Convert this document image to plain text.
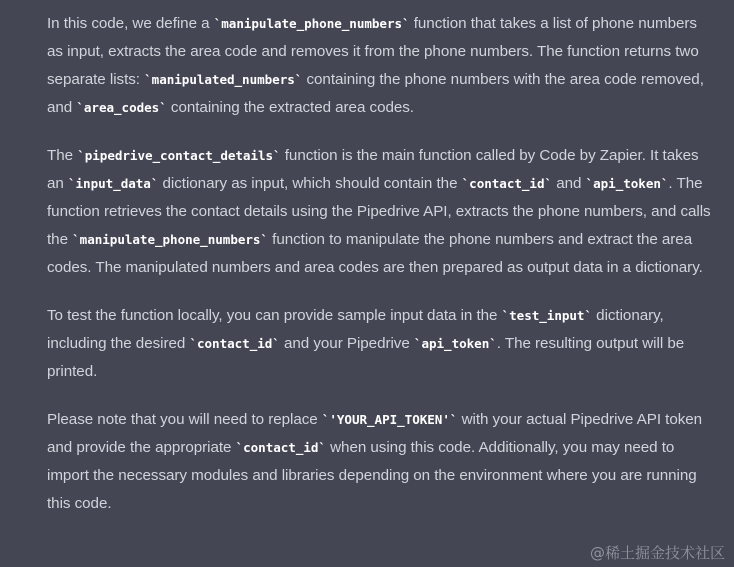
In this code, we define a `manipulate_phone_numbers` function that takes a list of phone numbers as input, extracts the area code and removes it from the phone numbers. The function returns two separate lists: `manipulated_numbers` containing the phone numbers with the area code removed, and `area_codes` containing the extracted area codes.

The `pipedrive_contact_details` function is the main function called by Code by Zapier. It takes an `input_data` dictionary as input, which should contain the `contact_id` and `api_token`. The function retrieves the contact details using the Pipedrive API, extracts the phone numbers, and calls the `manipulate_phone_numbers` function to manipulate the phone numbers and extract the area codes. The manipulated numbers and area codes are then prepared as output data in a dictionary.

To test the function locally, you can provide sample input data in the `test_input` dictionary, including the desired `contact_id` and your Pipedrive `api_token`. The resulting output will be printed.

Please note that you will need to replace `'YOUR_API_TOKEN'` with your actual Pipedrive API token and provide the appropriate `contact_id` when using this code. Additionally, you may need to import the necessary modules and libraries depending on the environment where you are running this code.

@稀土掘金技术社区
